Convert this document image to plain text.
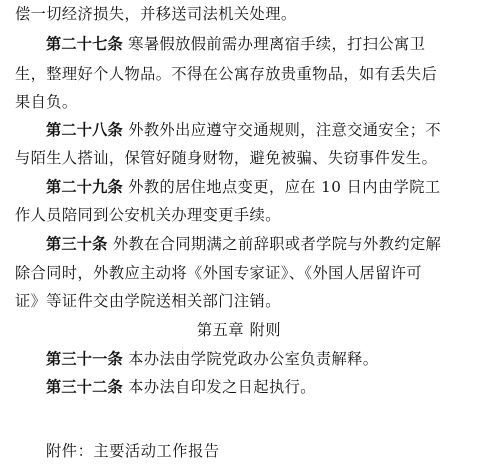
偿一切经济损失，并移送司法机关处理。
第二十七条 寒暑假放假前需办理离宿手续，打扫公寓卫
生，整理好个人物品。不得在公寓存放贵重物品，如有丢失后
果自负。
第二十八条 外教外出应遵守交通规则，注意交通安全；不
与陌生人搭讪，保管好随身财物，避免被骗、失窃事件发生。
第二十九条 外教的居住地点变更，应在 10 日内由学院工
作人员陪同到公安机关办理变更手续。
第三十条 外教在合同期满之前辞职或者学院与外教约定解
除合同时，外教应主动将《外国专家证》、《外国人居留许可
证》等证件交由学院送相关部门注销。
第五章 附则
第三十一条 本办法由学院党政办公室负责解释。
第三十二条 本办法自印发之日起执行。
附件：主要活动工作报告
